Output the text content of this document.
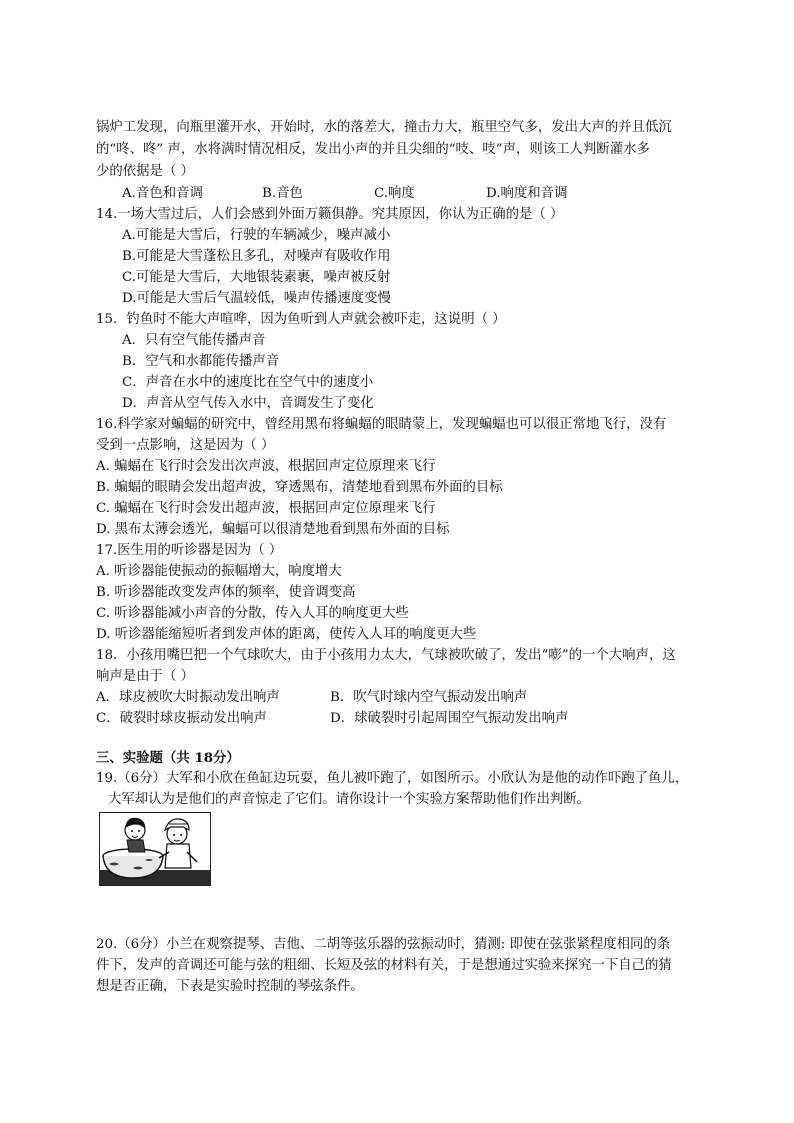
锅炉工发现，向瓶里灌开水，开始时，水的落差大，撞击力大，瓶里空气多，发出大声的并且低沉
的“咚、咚” 声，水将满时情况相反，发出小声的并且尖细的“吱、吱”声，则该工人判断灌水多
少的依据是（ ）
A.音色和音调	B.音色	C.响度	D.响度和音调
14.一场大雪过后，人们会感到外面万籁俱静。究其原因，你认为正确的是（ ）
A.可能是大雪后，行驶的车辆减少，噪声减小
B.可能是大雪蓬松且多孔，对噪声有吸收作用
C.可能是大雪后，大地银装素裹，噪声被反射
D.可能是大雪后气温较低，噪声传播速度变慢
15．钓鱼时不能大声喧哗，因为鱼听到人声就会被吓走，这说明（ ）
A．只有空气能传播声音
B．空气和水都能传播声音
C．声音在水中的速度比在空气中的速度小
D．声音从空气传入水中，音调发生了变化
16.科学家对蝙蝠的研究中，曾经用黑布将蝙蝠的眼睛蒙上，发现蝙蝠也可以很正常地飞行，没有
受到一点影响，这是因为（ ）
A. 蝙蝠在飞行时会发出次声波，根据回声定位原理来飞行
B. 蝙蝠的眼睛会发出超声波，穿透黑布，清楚地看到黑布外面的目标
C. 蝙蝠在飞行时会发出超声波，根据回声定位原理来飞行
D. 黑布太薄会透光，蝙蝠可以很清楚地看到黑布外面的目标
17.医生用的听诊器是因为（ ）
A. 听诊器能使振动的振幅增大，响度增大
B. 听诊器能改变发声体的频率，使音调变高
C. 听诊器能减小声音的分散，传入人耳的响度更大些
D. 听诊器能缩短听者到发声体的距离，使传入人耳的响度更大些
18．小孩用嘴巴把一个气球吹大，由于小孩用力太大，气球被吹破了，发出“嘭”的一个大响声，这
响声是由于（ ）
A．球皮被吹大时振动发出响声	B．吹气时球内空气振动发出响声
C．破裂时球皮振动发出响声	D．球破裂时引起周围空气振动发出响声
三、实验题（共 18分）
19.（6分）大军和小欣在鱼缸边玩耍，鱼儿被吓跑了，如图所示。小欣认为是他的动作吓跑了鱼儿，
大军却认为是他们的声音惊走了它们。请你设计一个实验方案帮助他们作出判断。
20.（6分）小兰在观察提琴、吉他、二胡等弦乐器的弦振动时，猜测: 即使在弦张紧程度相同的条
件下，发声的音调还可能与弦的粗细、长短及弦的材料有关，于是想通过实验来探究一下自己的猜
想是否正确，下表是实验时控制的琴弦条件。
